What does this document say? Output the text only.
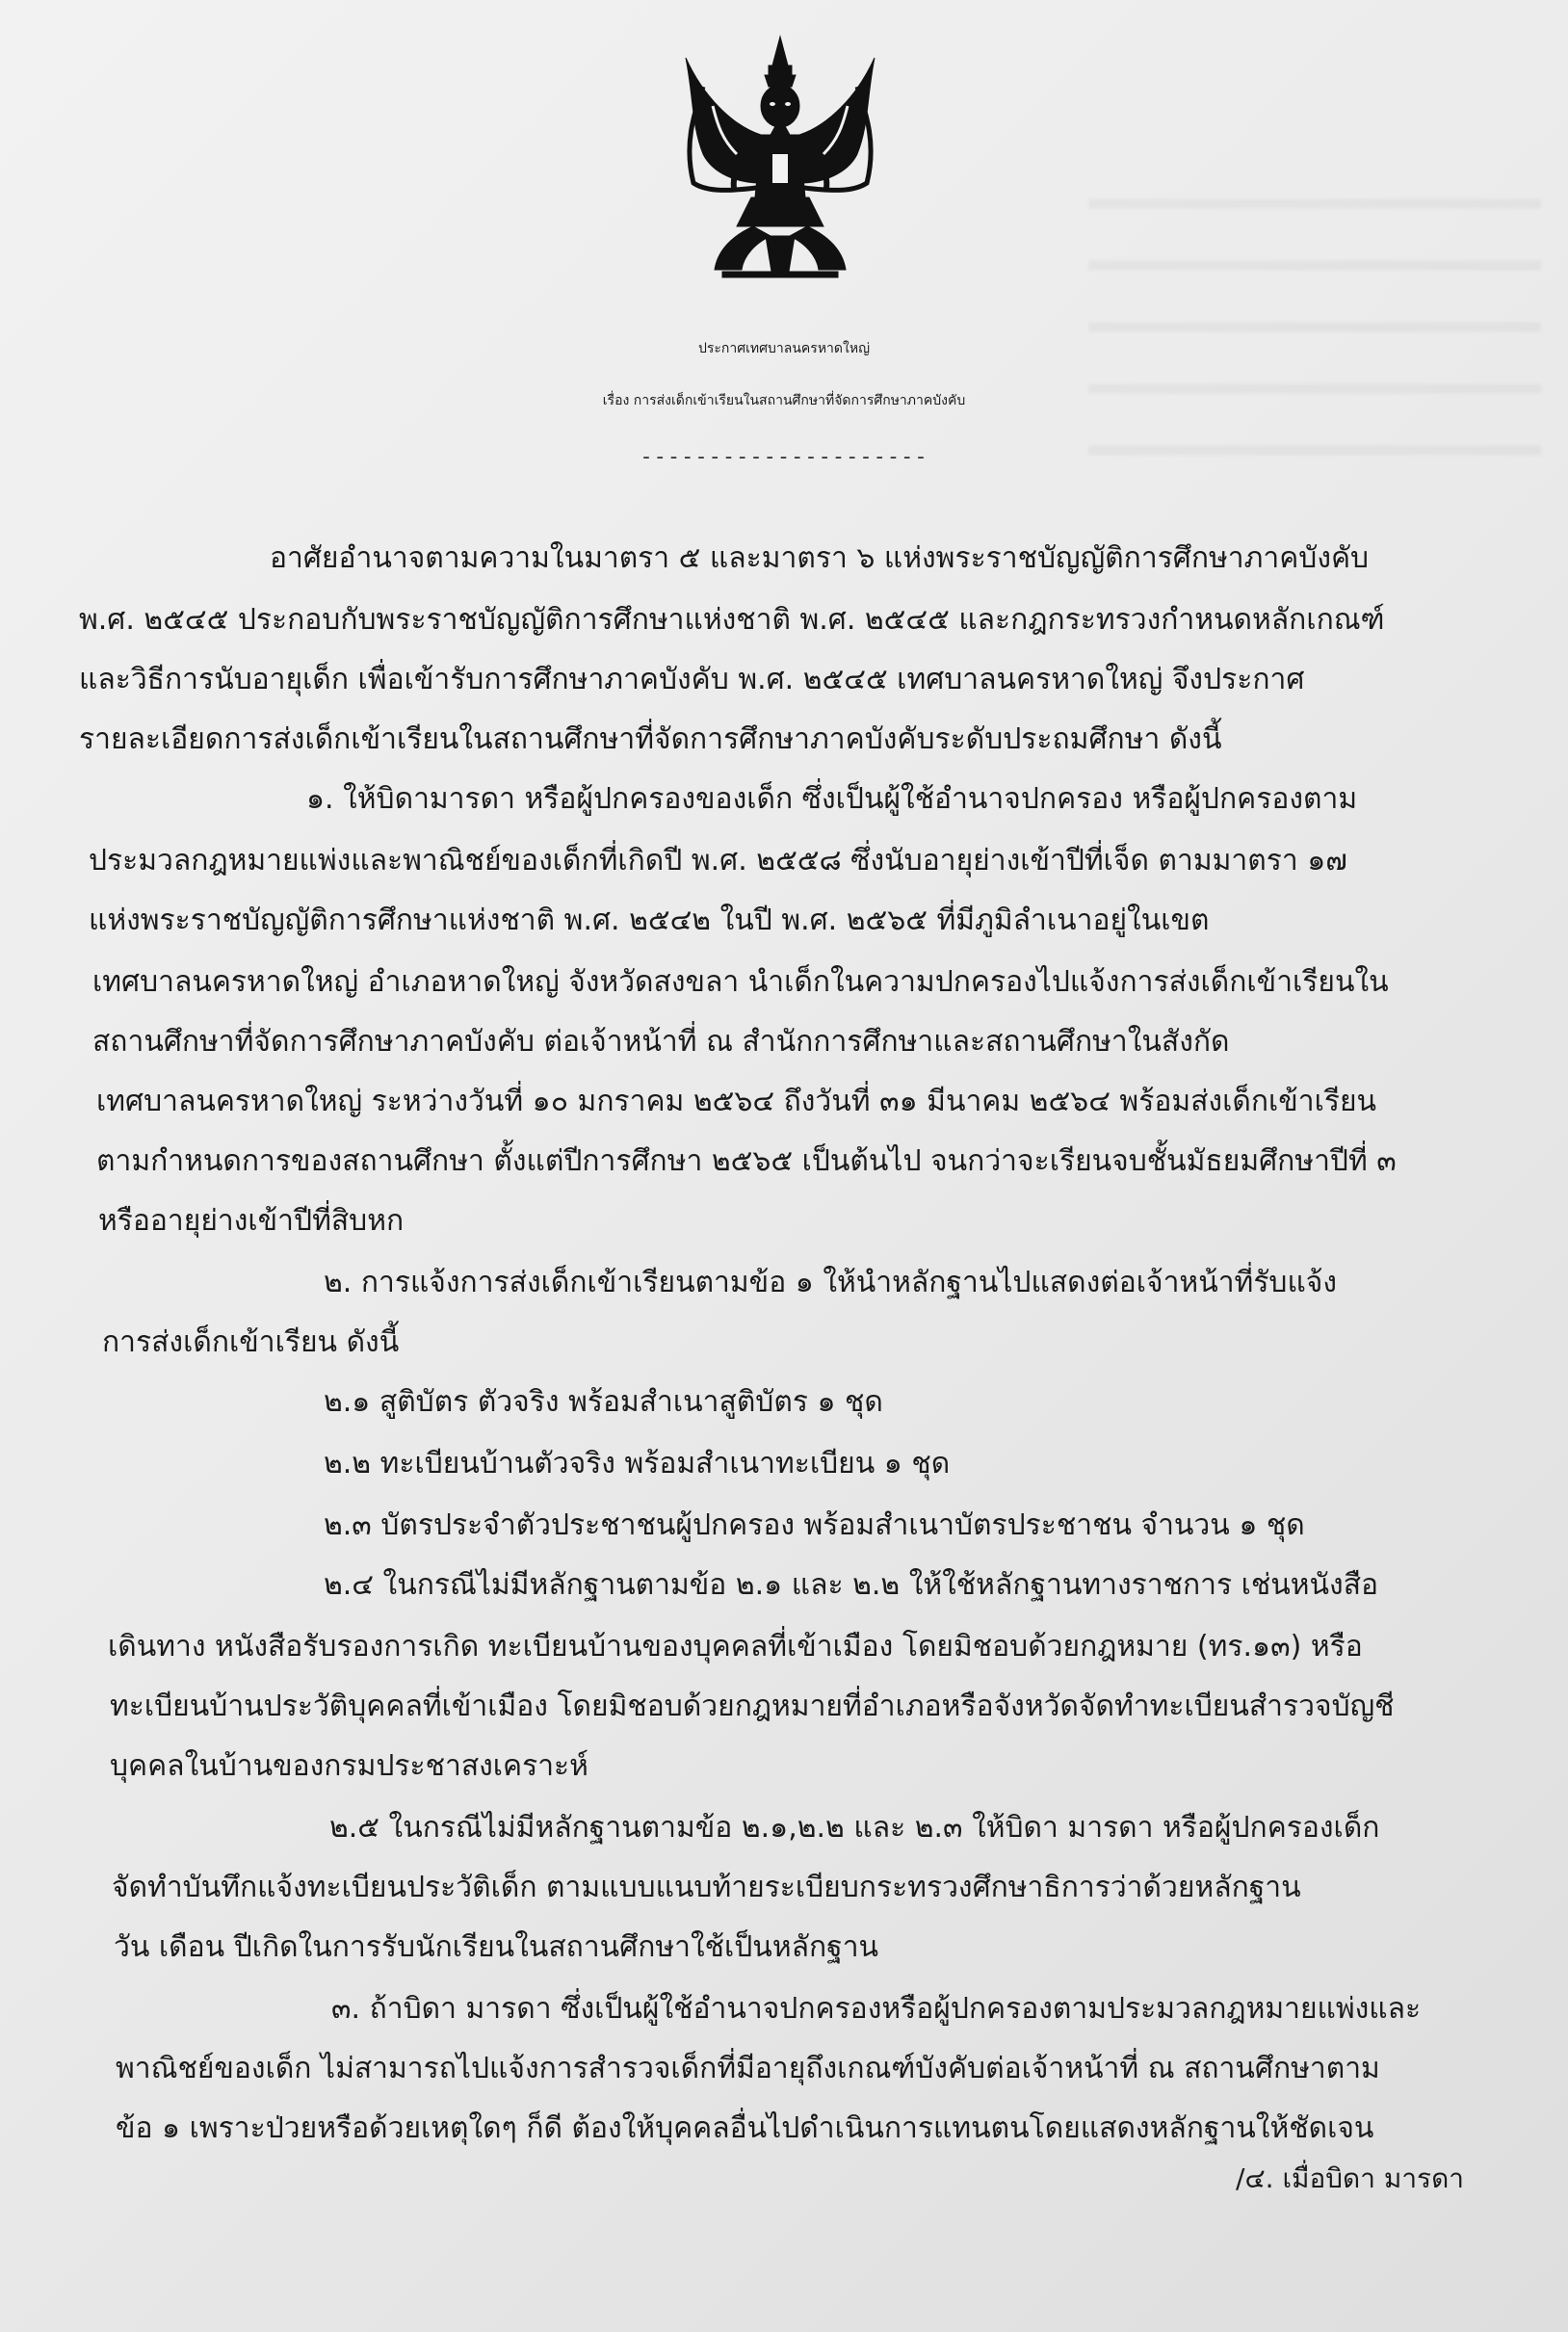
ประกาศเทศบาลนครหาดใหญ่
เรื่อง การส่งเด็กเข้าเรียนในสถานศึกษาที่จัดการศึกษาภาคบังคับ
---------------------
อาศัยอำนาจตามความในมาตรา ๕ และมาตรา ๖ แห่งพระราชบัญญัติการศึกษาภาคบังคับ
พ.ศ. ๒๕๔๕ ประกอบกับพระราชบัญญัติการศึกษาแห่งชาติ พ.ศ. ๒๕๔๕ และกฎกระทรวงกำหนดหลักเกณฑ์
และวิธีการนับอายุเด็ก เพื่อเข้ารับการศึกษาภาคบังคับ พ.ศ. ๒๕๔๕ เทศบาลนครหาดใหญ่ จึงประกาศ
รายละเอียดการส่งเด็กเข้าเรียนในสถานศึกษาที่จัดการศึกษาภาคบังคับระดับประถมศึกษา ดังนี้
๑. ให้บิดามารดา หรือผู้ปกครองของเด็ก ซึ่งเป็นผู้ใช้อำนาจปกครอง หรือผู้ปกครองตาม
ประมวลกฎหมายแพ่งและพาณิชย์ของเด็กที่เกิดปี พ.ศ. ๒๕๕๘ ซึ่งนับอายุย่างเข้าปีที่เจ็ด ตามมาตรา ๑๗
แห่งพระราชบัญญัติการศึกษาแห่งชาติ พ.ศ. ๒๕๔๒ ในปี พ.ศ. ๒๕๖๕ ที่มีภูมิลำเนาอยู่ในเขต
เทศบาลนครหาดใหญ่ อำเภอหาดใหญ่ จังหวัดสงขลา นำเด็กในความปกครองไปแจ้งการส่งเด็กเข้าเรียนใน
สถานศึกษาที่จัดการศึกษาภาคบังคับ ต่อเจ้าหน้าที่ ณ สำนักการศึกษาและสถานศึกษาในสังกัด
เทศบาลนครหาดใหญ่ ระหว่างวันที่ ๑๐ มกราคม ๒๕๖๔ ถึงวันที่ ๓๑ มีนาคม ๒๕๖๔ พร้อมส่งเด็กเข้าเรียน
ตามกำหนดการของสถานศึกษา ตั้งแต่ปีการศึกษา ๒๕๖๕ เป็นต้นไป จนกว่าจะเรียนจบชั้นมัธยมศึกษาปีที่ ๓
หรืออายุย่างเข้าปีที่สิบหก
๒. การแจ้งการส่งเด็กเข้าเรียนตามข้อ ๑ ให้นำหลักฐานไปแสดงต่อเจ้าหน้าที่รับแจ้ง
การส่งเด็กเข้าเรียน ดังนี้
๒.๑ สูติบัตร ตัวจริง พร้อมสำเนาสูติบัตร ๑ ชุด
๒.๒ ทะเบียนบ้านตัวจริง พร้อมสำเนาทะเบียน ๑ ชุด
๒.๓ บัตรประจำตัวประชาชนผู้ปกครอง พร้อมสำเนาบัตรประชาชน จำนวน ๑ ชุด
๒.๔ ในกรณีไม่มีหลักฐานตามข้อ ๒.๑ และ ๒.๒ ให้ใช้หลักฐานทางราชการ เช่นหนังสือ
เดินทาง หนังสือรับรองการเกิด ทะเบียนบ้านของบุคคลที่เข้าเมือง โดยมิชอบด้วยกฎหมาย (ทร.๑๓) หรือ
ทะเบียนบ้านประวัติบุคคลที่เข้าเมือง โดยมิชอบด้วยกฎหมายที่อำเภอหรือจังหวัดจัดทำทะเบียนสำรวจบัญชี
บุคคลในบ้านของกรมประชาสงเคราะห์
๒.๕ ในกรณีไม่มีหลักฐานตามข้อ ๒.๑,๒.๒ และ ๒.๓ ให้บิดา มารดา หรือผู้ปกครองเด็ก
จัดทำบันทึกแจ้งทะเบียนประวัติเด็ก ตามแบบแนบท้ายระเบียบกระทรวงศึกษาธิการว่าด้วยหลักฐาน
วัน เดือน ปีเกิดในการรับนักเรียนในสถานศึกษาใช้เป็นหลักฐาน
๓. ถ้าบิดา มารดา ซึ่งเป็นผู้ใช้อำนาจปกครองหรือผู้ปกครองตามประมวลกฎหมายแพ่งและ
พาณิชย์ของเด็ก ไม่สามารถไปแจ้งการสำรวจเด็กที่มีอายุถึงเกณฑ์บังคับต่อเจ้าหน้าที่ ณ สถานศึกษาตาม
ข้อ ๑ เพราะป่วยหรือด้วยเหตุใดๆ ก็ดี ต้องให้บุคคลอื่นไปดำเนินการแทนตนโดยแสดงหลักฐานให้ชัดเจน
/๔. เมื่อบิดา มารดา
